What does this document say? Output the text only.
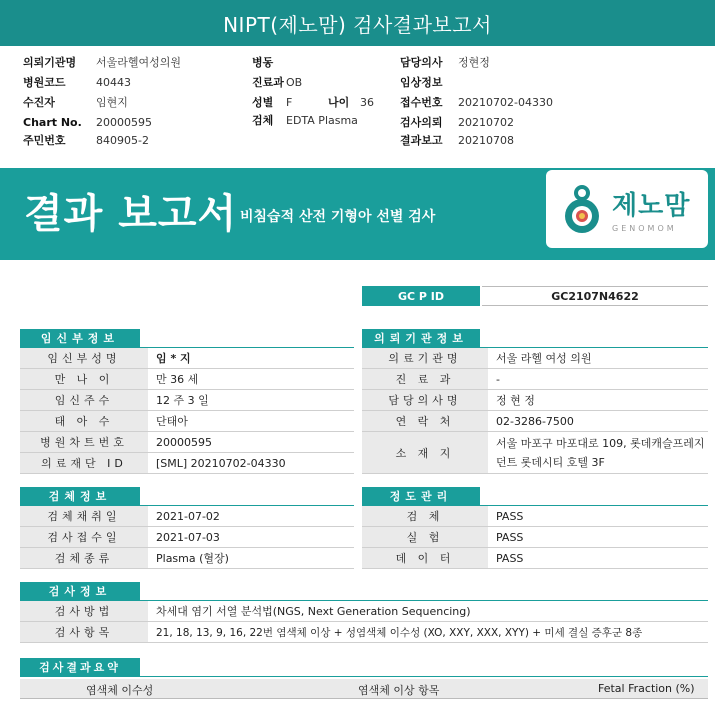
NIPT(제노맘) 검사결과보고서
의뢰기관명 서울라헬여성의원
병원코드	40443
수진자	임현지
Chart No. 20000595
주민번호	840905-2
병동
진료과 OB
성별 F	나이 36
검체 EDTA Plasma
담당의사 정현정
임상정보
접수번호 20210702-04330
검사의뢰 20210702
결과보고 20210708
결과 보고서 비침습적 산전 기형아 선별 검사	제노맘
GENOMOM
GC P ID	GC2107N4622
임신부정보
임신부성명	임 * 지
만 나 이	만 36 세
임신주수	12 주 3 일
태 아 수	단태아
병원차트번호	20000595
의료재단 ID	[SML] 20210702-04330
의뢰기관정보
의료기관명	서울 라헬 여성 의원
진 료 과	-
담당의사명	정 현 정
연 락 처	02-3286-7500
소 재 지
서울 마포구 마포대로 109, 롯데캐슬프레지
던트 롯데시티 호텔 3F
검체정보
검체채취일	2021-07-02
검사접수일	2021-07-03
검체종류	Plasma (혈장)
정도관리
검 체	PASS
실 험	PASS
데 이 터	PASS
검사정보
검사방법	차세대 염기 서열 분석법(NGS, Next Generation Sequencing)
검사항목	21, 18, 13, 9, 16, 22번 염색체 이상 + 성염색체 이수성 (XO, XXY, XXX, XYY) + 미세 결실 증후군 8종
검사결과요약
염색체 이수성	염색체 이상 항목	Fetal Fraction (%)
